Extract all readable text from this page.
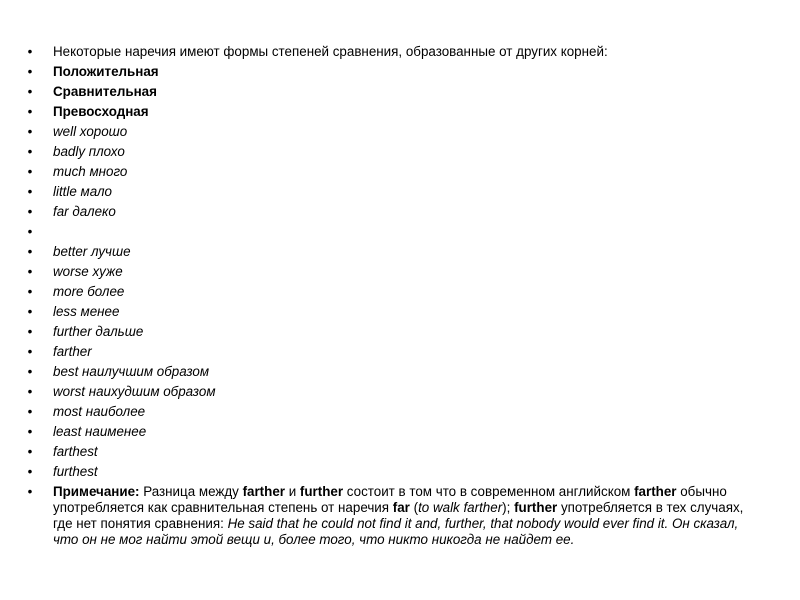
• Некоторые наречия имеют формы степеней сравнения, образованные от других корней:
• Положительная
• Сравнительная
• Превосходная
• well хорошо
• badly плохо
• much много
• little мало
• far далеко
•
• better лучше
• worse хуже
• more более
• less менее
• further дальше
• farther
• best наилучшим образом
• worst наихудшим образом
• most наиболее
• least наименее
• farthest
• furthest
• Примечание: Разница между farther и further состоит в том что в современном английском farther обычно употребляется как сравнительная степень от наречия far (to walk farther); further употребляется в тех случаях, где нет понятия сравнения: He said that he could not find it and, further, that nobody would ever find it. Он сказал, что он не мог найти этой вещи и, более того, что никто никогда не найдет ее.
